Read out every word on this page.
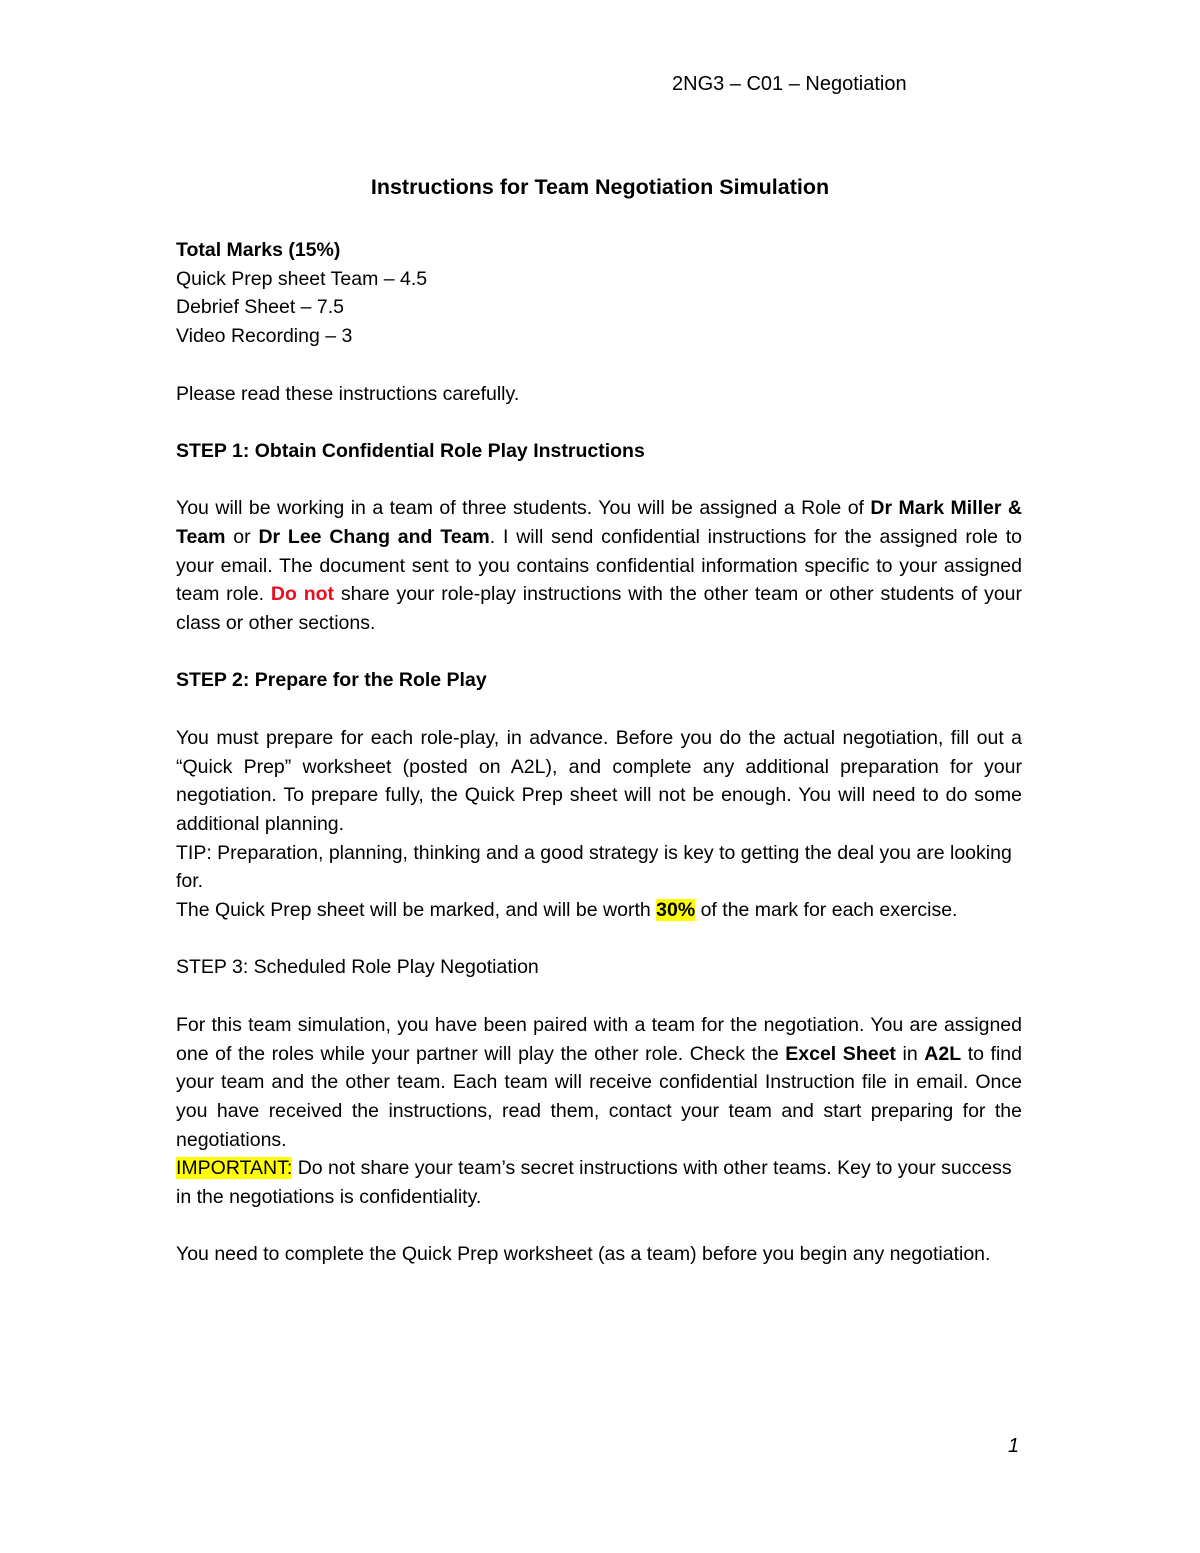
2NG3 – C01 – Negotiation
Instructions for Team Negotiation Simulation

Total Marks (15%)

Quick Prep sheet Team – 4.5

Debrief Sheet – 7.5

Video Recording – 3

Please read these instructions carefully.

STEP 1: Obtain Confidential Role Play Instructions

You will be working in a team of three students. You will be assigned a Role of Dr Mark Miller & Team or Dr Lee Chang and Team. I will send confidential instructions for the assigned role to your email. The document sent to you contains confidential information specific to your assigned team role. Do not share your role-play instructions with the other team or other students of your class or other sections.

STEP 2: Prepare for the Role Play

You must prepare for each role-play, in advance. Before you do the actual negotiation, fill out a “Quick Prep” worksheet (posted on A2L), and complete any additional preparation for your negotiation. To prepare fully, the Quick Prep sheet will not be enough. You will need to do some additional planning.

TIP: Preparation, planning, thinking and a good strategy is key to getting the deal you are looking for.

The Quick Prep sheet will be marked, and will be worth 30% of the mark for each exercise.

STEP 3: Scheduled Role Play Negotiation

For this team simulation, you have been paired with a team for the negotiation. You are assigned one of the roles while your partner will play the other role. Check the Excel Sheet in A2L to find your team and the other team. Each team will receive confidential Instruction file in email. Once you have received the instructions, read them, contact your team and start preparing for the negotiations.

IMPORTANT: Do not share your team’s secret instructions with other teams. Key to your success in the negotiations is confidentiality.

You need to complete the Quick Prep worksheet (as a team) before you begin any negotiation.

1
